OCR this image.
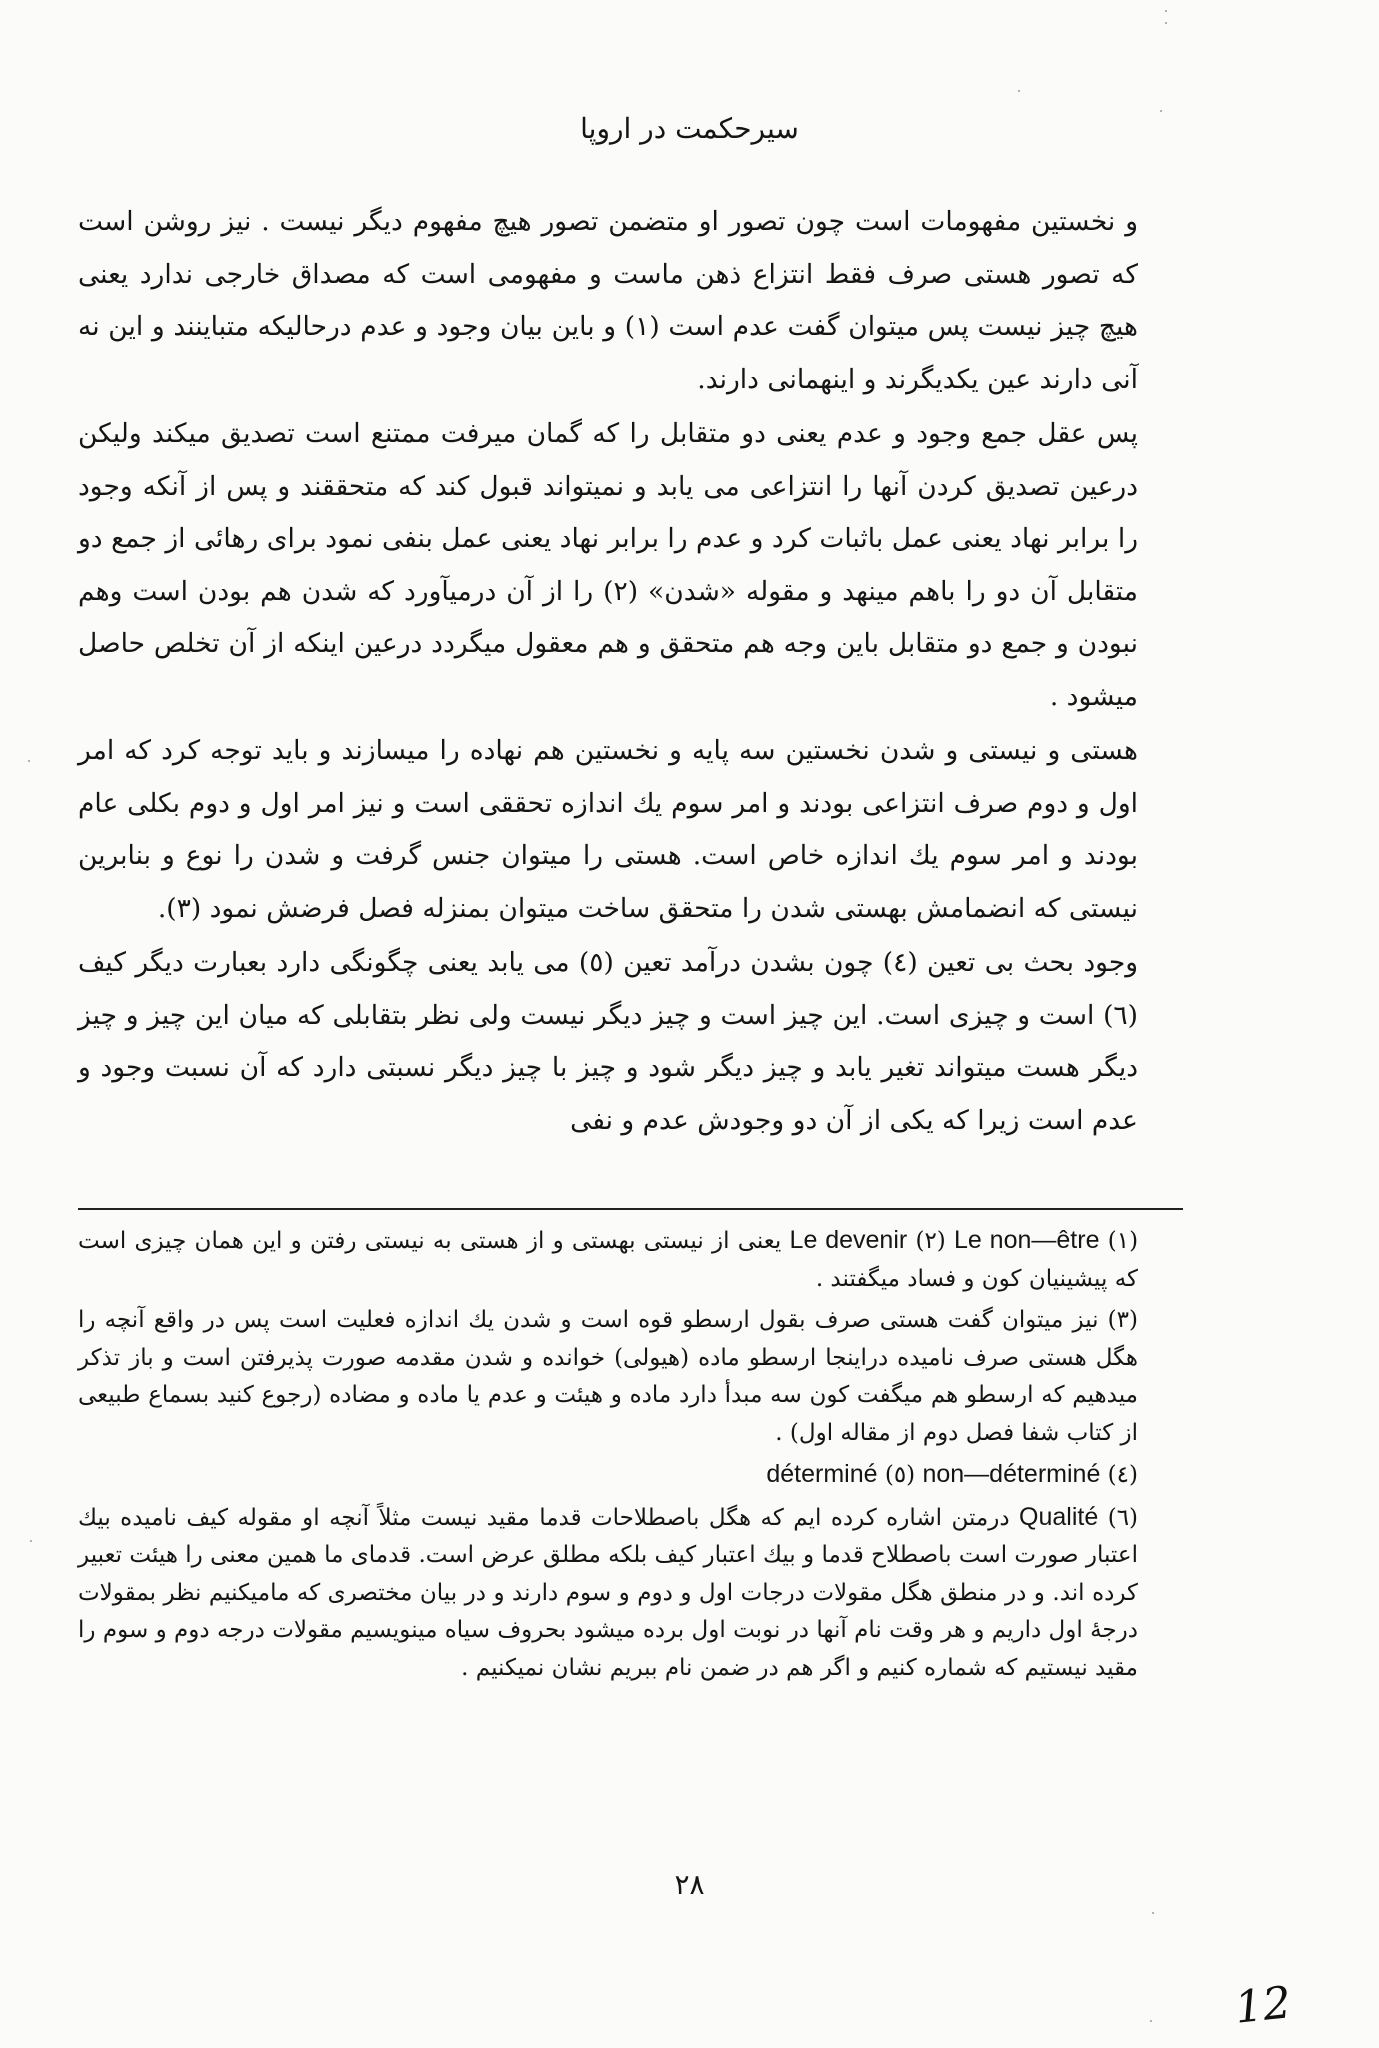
سیرحکمت در اروپا

و نخستین مفهومات است چون تصور او متضمن تصور هیچ مفهوم دیگر نیست . نیز روشن است که تصور هستی صرف فقط انتزاع ذهن ماست و مفهومی است که مصداق خارجی ندارد یعنی هیچ چیز نیست پس میتوان گفت عدم است (۱) و باین بیان وجود و عدم درحالیکه متباینند و این نه آنی دارند عین یکدیگرند و اینهمانی دارند.

پس عقل جمع وجود و عدم یعنی دو متقابل را که گمان میرفت ممتنع است تصدیق میکند ولیکن درعین تصدیق کردن آنها را انتزاعی می یابد و نمیتواند قبول کند که متحققند و پس از آنکه وجود را برابر نهاد یعنی عمل باثبات کرد و عدم را برابر نهاد یعنی عمل بنفی نمود برای رهائی از جمع دو متقابل آن دو را باهم مینهد و مقوله «شدن» (۲) را از آن درمیآورد که شدن هم بودن است وهم نبودن و جمع دو متقابل باین وجه هم متحقق و هم معقول میگردد درعین اینکه از آن تخلص حاصل میشود .

هستی و نیستی و شدن نخستین سه پایه و نخستین هم نهاده را میسازند و باید توجه کرد که امر اول و دوم صرف انتزاعی بودند و امر سوم یك اندازه تحققی است و نیز امر اول و دوم بکلی عام بودند و امر سوم یك اندازه خاص است. هستی را میتوان جنس گرفت و شدن را نوع و بنابرین نیستی که انضمامش بهستی شدن را متحقق ساخت میتوان بمنزله فصل فرضش نمود (۳).

وجود بحث بی تعین (٤) چون بشدن درآمد تعین (٥) می یابد یعنی چگونگی دارد بعبارت دیگر کیف (٦) است و چیزی است. این چیز است و چیز دیگر نیست ولی نظر بتقابلی که میان این چیز و چیز دیگر هست میتواند تغیر یابد و چیز دیگر شود و چیز با چیز دیگر نسبتی دارد که آن نسبت وجود و عدم است زیرا که یکی از آن دو وجودش عدم و نفی

(۱) Le non—être (۲) Le devenir یعنی از نیستی بهستی و از هستی به نیستی رفتن و این همان چیزی است که پیشینیان کون و فساد میگفتند .

(۳) نیز میتوان گفت هستی صرف بقول ارسطو قوه است و شدن یك اندازه فعلیت است پس در واقع آنچه را هگل هستی صرف نامیده دراینجا ارسطو ماده (هیولی) خوانده و شدن مقدمه صورت پذیرفتن است و باز تذکر میدهیم که ارسطو هم میگفت کون سه مبدأ دارد ماده و هیئت و عدم یا ماده و مضاده (رجوع کنید بسماع طبیعی از کتاب شفا فصل دوم از مقاله اول) .

déterminé (٥) non—déterminé (٤)

(٦) Qualité درمتن اشاره کرده ایم که هگل باصطلاحات قدما مقید نیست مثلاً آنچه او مقوله کیف نامیده بیك اعتبار صورت است باصطلاح قدما و بیك اعتبار کیف بلکه مطلق عرض است. قدمای ما همین معنی را هیئت تعبیر کرده اند. و در منطق هگل مقولات درجات اول و دوم و سوم دارند و در بیان مختصری که مامیکنیم نظر بمقولات درجهٔ اول داریم و هر وقت نام آنها در نوبت اول برده میشود بحروف سیاه مینویسیم مقولات درجه دوم و سوم را مقید نیستیم که شماره کنیم و اگر هم در ضمن نام ببریم نشان نمیکنیم .

۲۸
12
